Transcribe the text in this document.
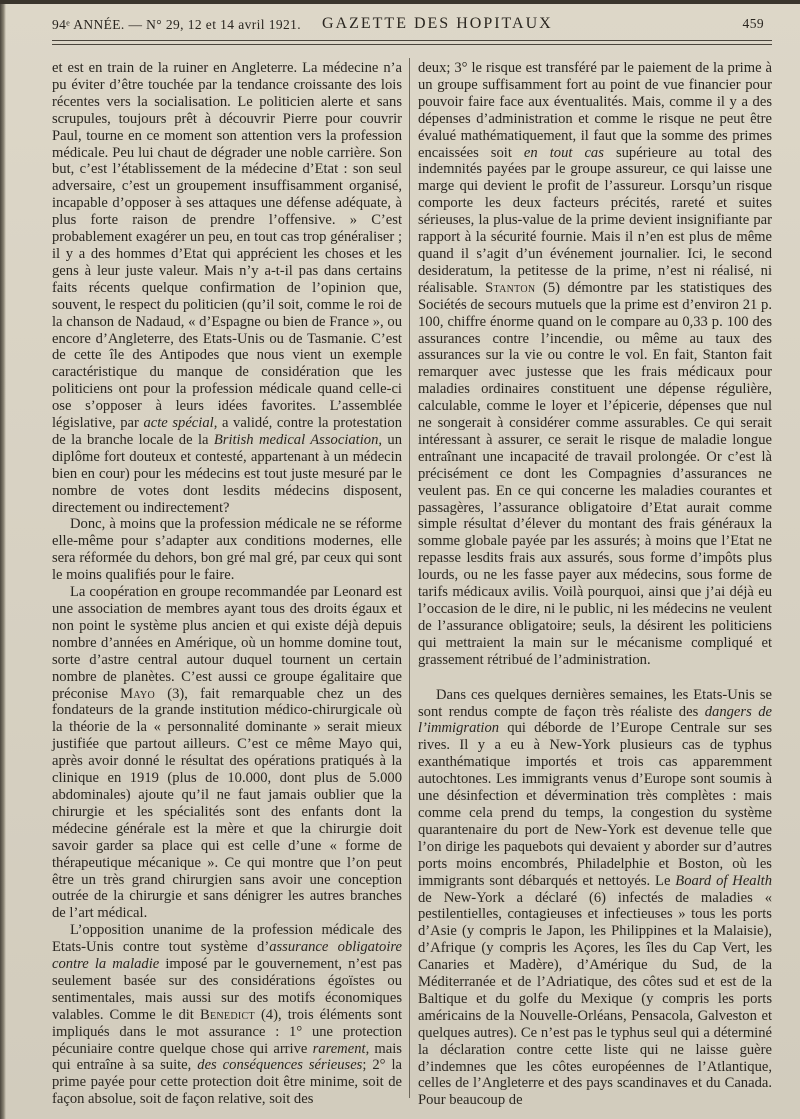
94ᵉ ANNÉE. — N° 29, 12 et 14 avril 1921. GAZETTE DES HOPITAUX	459

et est en train de la ruiner en Angleterre. La médecine n’a pu éviter d’être touchée par la tendance croissante des lois récentes vers la socialisation. Le politicien alerte et sans scrupules, toujours prêt à découvrir Pierre pour couvrir Paul, tourne en ce moment son attention vers la profession médicale. Peu lui chaut de dégrader une noble carrière. Son but, c’est l’établissement de la médecine d’Etat : son seul adversaire, c’est un groupement insuffisamment organisé, incapable d’opposer à ses attaques une défense adéquate, à plus forte raison de prendre l’offensive. » C’est probablement exagérer un peu, en tout cas trop généraliser ; il y a des hommes d’Etat qui apprécient les choses et les gens à leur juste valeur. Mais n’y a-t-il pas dans certains faits récents quelque confirmation de l’opinion que, souvent, le respect du politicien (qu’il soit, comme le roi de la chanson de Nadaud, « d’Espagne ou bien de France », ou encore d’Angleterre, des Etats-Unis ou de Tasmanie. C’est de cette île des Antipodes que nous vient un exemple caractéristique du manque de considération que les politiciens ont pour la profession médicale quand celle-ci ose s’opposer à leurs idées favorites. L’assemblée législative, par acte spécial, a validé, contre la protestation de la branche locale de la British medical Association, un diplôme fort douteux et contesté, appartenant à un médecin bien en cour) pour les médecins est tout juste mesuré par le nombre de votes dont lesdits médecins disposent, directement ou indirectement?

Donc, à moins que la profession médicale ne se réforme elle-même pour s’adapter aux conditions modernes, elle sera réformée du dehors, bon gré mal gré, par ceux qui sont le moins qualifiés pour le faire.

La coopération en groupe recommandée par Leonard est une association de membres ayant tous des droits égaux et non point le système plus ancien et qui existe déjà depuis nombre d’années en Amérique, où un homme domine tout, sorte d’astre central autour duquel tournent un certain nombre de planètes. C’est aussi ce groupe égalitaire que préconise Mayo (3), fait remarquable chez un des fondateurs de la grande institution médico-chirurgicale où la théorie de la « personnalité dominante » serait mieux justifiée que partout ailleurs. C’est ce même Mayo qui, après avoir donné le résultat des opérations pratiqués à la clinique en 1919 (plus de 10.000, dont plus de 5.000 abdominales) ajoute qu’il ne faut jamais oublier que la chirurgie et les spécialités sont des enfants dont la médecine générale est la mère et que la chirurgie doit savoir garder sa place qui est celle d’une « forme de thérapeutique mécanique ». Ce qui montre que l’on peut être un très grand chirurgien sans avoir une conception outrée de la chirurgie et sans dénigrer les autres branches de l’art médical.

L’opposition unanime de la profession médicale des Etats-Unis contre tout système d’assurance obligatoire contre la maladie imposé par le gouvernement, n’est pas seulement basée sur des considérations égoïstes ou sentimentales, mais aussi sur des motifs économiques valables. Comme le dit Benedict (4), trois éléments sont impliqués dans le mot assurance : 1° une protection pécuniaire contre quelque chose qui arrive rarement, mais qui entraîne à sa suite, des conséquences sérieuses; 2° la prime payée pour cette protection doit être minime, soit de façon absolue, soit de façon relative, soit des

deux; 3° le risque est transféré par le paiement de la prime à un groupe suffisamment fort au point de vue financier pour pouvoir faire face aux éventualités. Mais, comme il y a des dépenses d’administration et comme le risque ne peut être évalué mathématiquement, il faut que la somme des primes encaissées soit en tout cas supérieure au total des indemnités payées par le groupe assureur, ce qui laisse une marge qui devient le profit de l’assureur. Lorsqu’un risque comporte les deux facteurs précités, rareté et suites sérieuses, la plus-value de la prime devient insignifiante par rapport à la sécurité fournie. Mais il n’en est plus de même quand il s’agit d’un événement journalier. Ici, le second desideratum, la petitesse de la prime, n’est ni réalisé, ni réalisable. Stanton (5) démontre par les statistiques des Sociétés de secours mutuels que la prime est d’environ 21 p. 100, chiffre énorme quand on le compare au 0,33 p. 100 des assurances contre l’incendie, ou même au taux des assurances sur la vie ou contre le vol. En fait, Stanton fait remarquer avec justesse que les frais médicaux pour maladies ordinaires constituent une dépense régulière, calculable, comme le loyer et l’épicerie, dépenses que nul ne songerait à considérer comme assurables. Ce qui serait intéressant à assurer, ce serait le risque de maladie longue entraînant une incapacité de travail prolongée. Or c’est là précisément ce dont les Compagnies d’assurances ne veulent pas. En ce qui concerne les maladies courantes et passagères, l’assurance obligatoire d’Etat aurait comme simple résultat d’élever du montant des frais généraux la somme globale payée par les assurés; à moins que l’Etat ne repasse lesdits frais aux assurés, sous forme d’impôts plus lourds, ou ne les fasse payer aux médecins, sous forme de tarifs médicaux avilis. Voilà pourquoi, ainsi que j’ai déjà eu l’occasion de le dire, ni le public, ni les médecins ne veulent de l’assurance obligatoire; seuls, la désirent les politiciens qui mettraient la main sur le mécanisme compliqué et grassement rétribué de l’administration.

Dans ces quelques dernières semaines, les Etats-Unis se sont rendus compte de façon très réaliste des dangers de l’immigration qui déborde de l’Europe Centrale sur ses rives. Il y a eu à New-York plusieurs cas de typhus exanthématique importés et trois cas apparemment autochtones. Les immigrants venus d’Europe sont soumis à une désinfection et dévermination très complètes : mais comme cela prend du temps, la congestion du système quarantenaire du port de New-York est devenue telle que l’on dirige les paquebots qui devaient y aborder sur d’autres ports moins encombrés, Philadelphie et Boston, où les immigrants sont débarqués et nettoyés. Le Board of Health de New-York a déclaré (6) infectés de maladies « pestilentielles, contagieuses et infectieuses » tous les ports d’Asie (y compris le Japon, les Philippines et la Malaisie), d’Afrique (y compris les Açores, les îles du Cap Vert, les Canaries et Madère), d’Amérique du Sud, de la Méditerranée et de l’Adriatique, des côtes sud et est de la Baltique et du golfe du Mexique (y compris les ports américains de la Nouvelle-Orléans, Pensacola, Galveston et quelques autres). Ce n’est pas le typhus seul qui a déterminé la déclaration contre cette liste qui ne laisse guère d’indemnes que les côtes européennes de l’Atlantique, celles de l’Angleterre et des pays scandinaves et du Canada. Pour beaucoup de
